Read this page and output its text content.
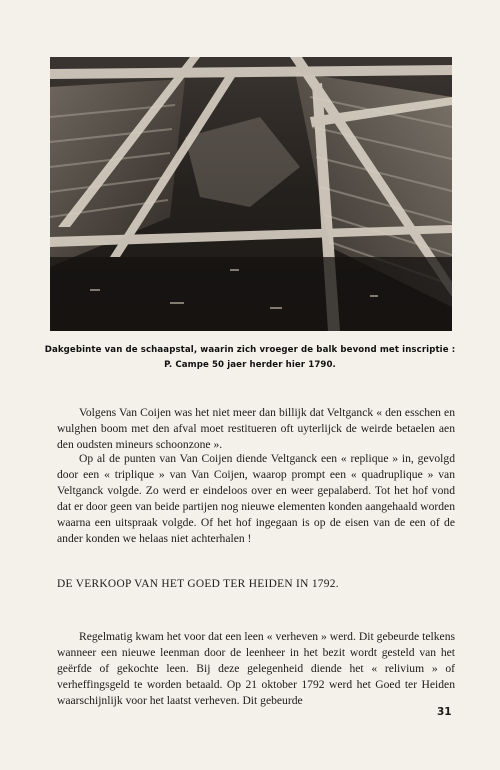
Dakgebinte van de schaapstal, waarin zich vroeger de balk bevond met inscriptie :
P. Campe 50 jaer herder hier 1790.

Volgens Van Coijen was het niet meer dan billijk dat Veltganck « den esschen en wulghen boom met den afval moet restitueren oft uyterlijck de weirde betaelen aen den oudsten mineurs schoonzone ».

Op al de punten van Van Coijen diende Veltganck een « replique » in, gevolgd door een « triplique » van Van Coijen, waarop prompt een « quadruplique » van Veltganck volgde. Zo werd er eindeloos over en weer gepalaberd. Tot het hof vond dat er door geen van beide partijen nog nieuwe elementen konden aangehaald worden waarna een uitspraak volgde. Of het hof ingegaan is op de eisen van de een of de ander konden we helaas niet achterhalen !

DE VERKOOP VAN HET GOED TER HEIDEN IN 1792.

Regelmatig kwam het voor dat een leen « verheven » werd. Dit gebeurde telkens wanneer een nieuwe leenman door de leenheer in het bezit wordt gesteld van het geërfde of gekochte leen. Bij deze gelegenheid diende het « relivium » of verheffingsgeld te worden betaald. Op 21 oktober 1792 werd het Goed ter Heiden waarschijnlijk voor het laatst verheven. Dit gebeurde

31
